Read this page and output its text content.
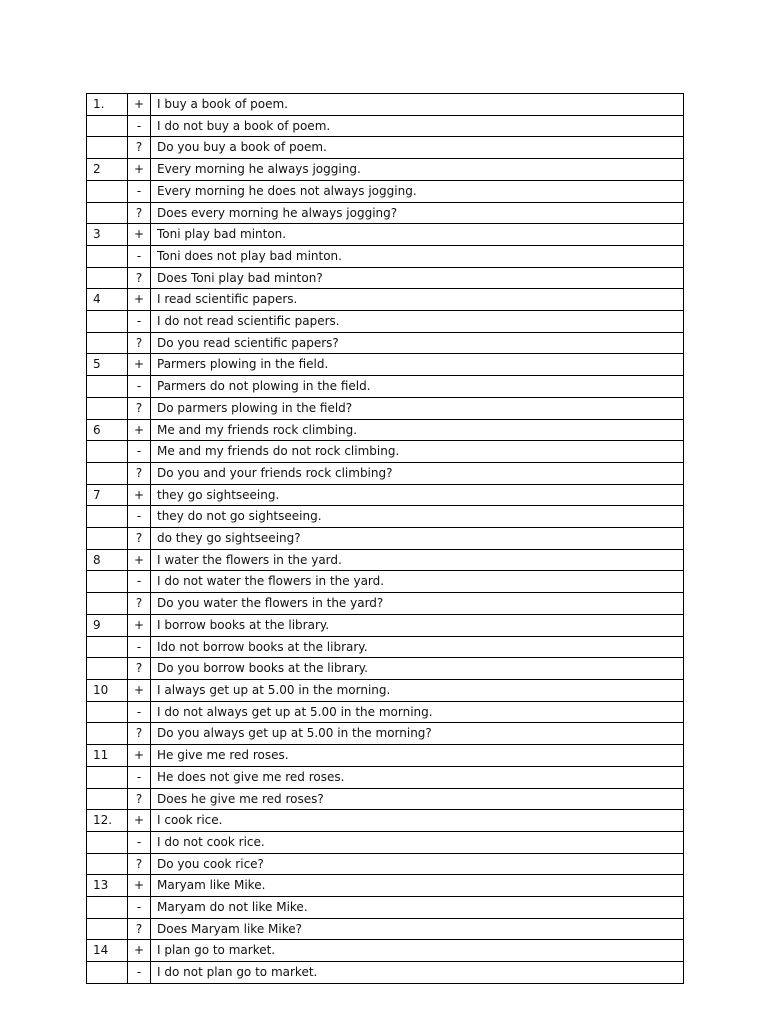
1.	+	I buy a book of poem.
	-	I do not buy a book of poem.
	?	Do you buy a book of poem.
2	+	Every morning he always jogging.
	-	Every morning he does not always jogging.
	?	Does every morning he always jogging?
3	+	Toni play bad minton.
	-	Toni does not play bad minton.
	?	Does Toni play bad minton?
4	+	I read scientific papers.
	-	I do not read scientific papers.
	?	Do you read scientific papers?
5	+	Parmers plowing in the field.
	-	Parmers do not plowing in the field.
	?	Do parmers plowing in the field?
6	+	Me and my friends rock climbing.
	-	Me and my friends do not rock climbing.
	?	Do you and your friends rock climbing?
7	+	they go sightseeing.
	-	they do not go sightseeing.
	?	do they go sightseeing?
8	+	I water the flowers in the yard.
	-	I do not water the flowers in the yard.
	?	Do you water the flowers in the yard?
9	+	I borrow books at the library.
	-	Ido not borrow books at the library.
	?	Do you borrow books at the library.
10	+	I always get up at 5.00 in the morning.
	-	I do not always get up at 5.00 in the morning.
	?	Do you always get up at 5.00 in the morning?
11	+	He give me red roses.
	-	He does not give me red roses.
	?	Does he give me red roses?
12.	+	I cook rice.
	-	I do not cook rice.
	?	Do you cook rice?
13	+	Maryam like Mike.
	-	Maryam do not like Mike.
	?	Does Maryam like Mike?
14	+	I plan go to market.
	-	I do not plan go to market.
